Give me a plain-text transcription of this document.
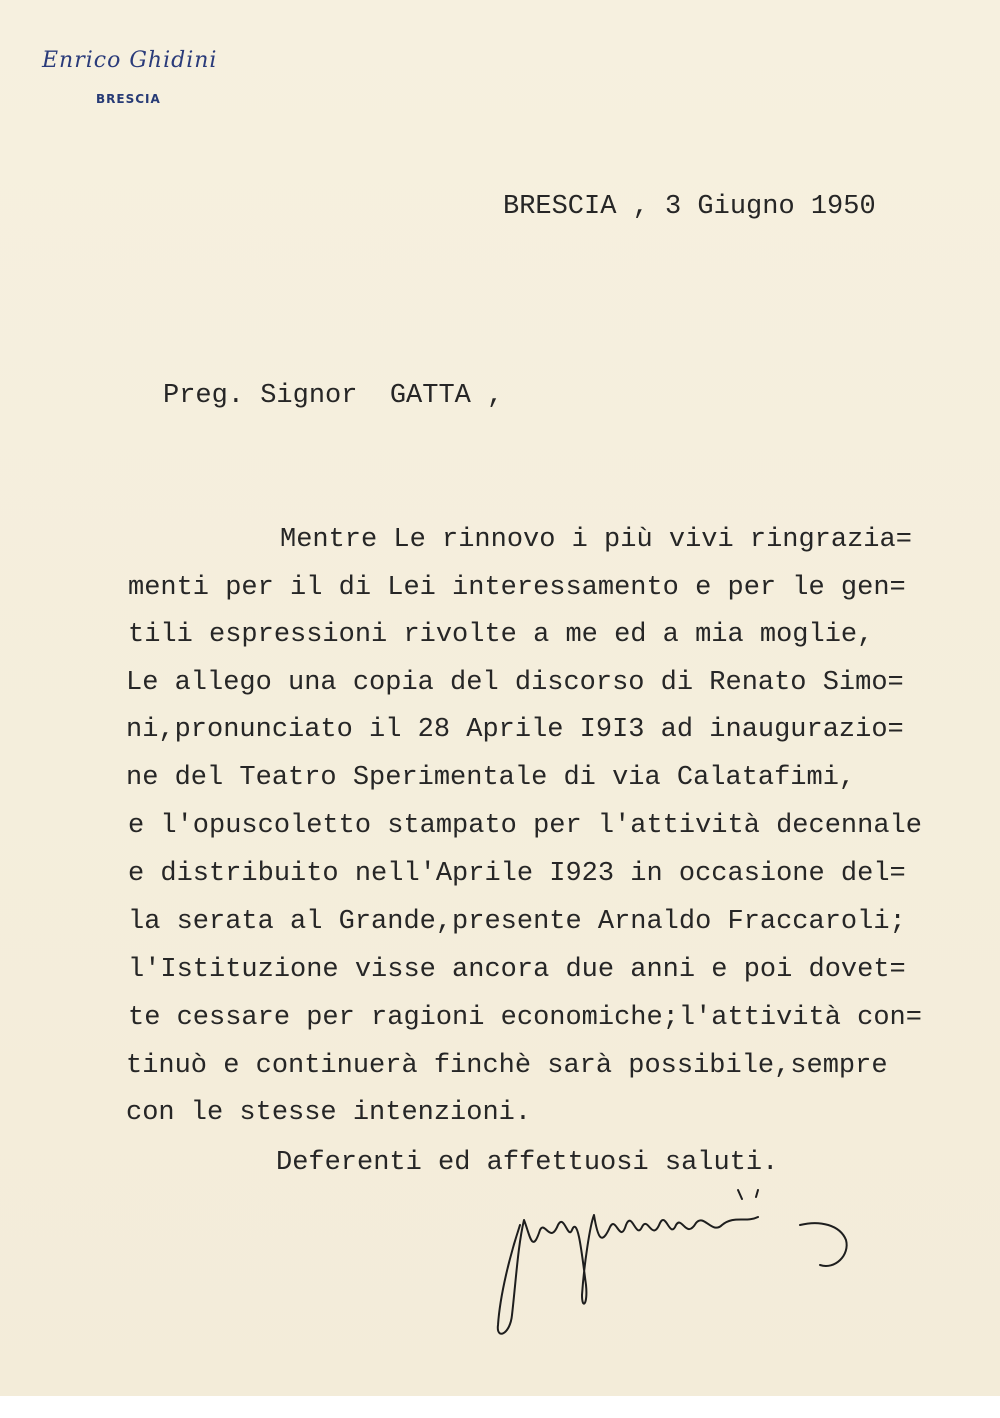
Enrico Ghidini
BRESCIA
BRESCIA , 3 Giugno 1950
Preg. Signor  GATTA ,
Mentre Le rinnovo i più vivi ringrazia=
menti per il di Lei interessamento e per le gen=
tili espressioni rivolte a me ed a mia moglie,
Le allego una copia del discorso di Renato Simo=
ni,pronunciato il 28 Aprile I9I3 ad inaugurazio=
ne del Teatro Sperimentale di via Calatafimi,
e l'opuscoletto stampato per l'attività decennale
e distribuito nell'Aprile I923 in occasione del=
la serata al Grande,presente Arnaldo Fraccaroli;
l'Istituzione visse ancora due anni e poi dovet=
te cessare per ragioni economiche;l'attività con=
tinuò e continuerà finchè sarà possibile,sempre
con le stesse intenzioni.
Deferenti ed affettuosi saluti.
